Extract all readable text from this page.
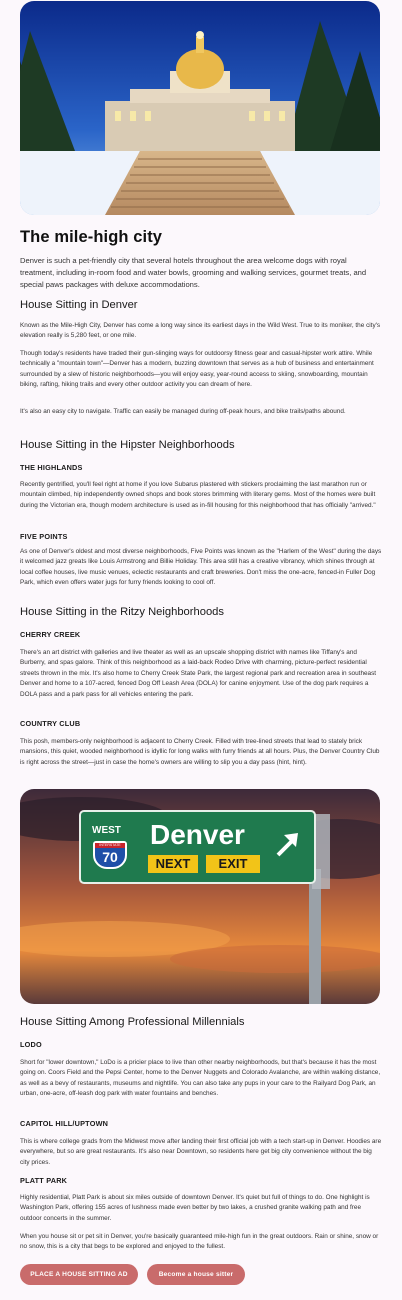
The mile-high city
Denver is such a pet-friendly city that several hotels throughout the area welcome dogs with royal treatment, including in-room food and water bowls, grooming and walking services, gourmet treats, and special paws packages with deluxe accommodations.
House Sitting in Denver
Known as the Mile-High City, Denver has come a long way since its earliest days in the Wild West. True to its moniker, the city's elevation really is 5,280 feet, or one mile.
Though today's residents have traded their gun-slinging ways for outdoorsy fitness gear and casual-hipster work attire. While technically a "mountain town"—Denver has a modern, buzzing downtown that serves as a hub of business and entertainment surrounded by a slew of historic neighborhoods—you will enjoy easy, year-round access to skiing, snowboarding, mountain biking, rafting, hiking trails and every other outdoor activity you can dream of here.
It's also an easy city to navigate. Traffic can easily be managed during off-peak hours, and bike trails/paths abound.
House Sitting in the Hipster Neighborhoods
THE HIGHLANDS
Recently gentrified, you'll feel right at home if you love Subarus plastered with stickers proclaiming the last marathon run or mountain climbed, hip independently owned shops and book stores brimming with literary gems. Most of the homes were built during the Victorian era, though modern architecture is used as in-fill housing for this neighborhood that has officially "arrived."
FIVE POINTS
As one of Denver's oldest and most diverse neighborhoods, Five Points was known as the "Harlem of the West" during the days it welcomed jazz greats like Louis Armstrong and Billie Holiday. This area still has a creative vibrancy, which shines through at local coffee houses, live music venues, eclectic restaurants and craft breweries. Don't miss the one-acre, fenced-in Fuller Dog Park, which even offers water jugs for furry friends looking to cool off.
House Sitting in the Ritzy Neighborhoods
CHERRY CREEK
There's an art district with galleries and live theater as well as an upscale shopping district with names like Tiffany's and Burberry, and spas galore. Think of this neighborhood as a laid-back Rodeo Drive with charming, picture-perfect residential streets thrown in the mix. It's also home to Cherry Creek State Park, the largest regional park and recreation area in southeast Denver and home to a 107-acred, fenced Dog Off Leash Area (DOLA) for canine enjoyment. Use of the dog park requires a DOLA pass and a park pass for all vehicles entering the park.
COUNTRY CLUB
This posh, members-only neighborhood is adjacent to Cherry Creek. Filled with tree-lined streets that lead to stately brick mansions, this quiet, wooded neighborhood is idyllic for long walks with furry friends at all hours. Plus, the Denver Country Club is right across the street—just in case the home's owners are willing to slip you a day pass (hint, hint).
WEST
INTERSTATE
70
Denver
NEXT	EXIT
House Sitting Among Professional Millennials
LODO
Short for "lower downtown," LoDo is a pricier place to live than other nearby neighborhoods, but that's because it has the most going on. Coors Field and the Pepsi Center, home to the Denver Nuggets and Colorado Avalanche, are within walking distance, as well as a bevy of restaurants, museums and nightlife. You can also take any pups in your care to the Railyard Dog Park, an urban, one-acre, off-leash dog park with water fountains and benches.
CAPITOL HILL/UPTOWN
This is where college grads from the Midwest move after landing their first official job with a tech start-up in Denver. Hoodies are everywhere, but so are great restaurants. It's also near Downtown, so residents here get big city convenience without the big city prices.
PLATT PARK
Highly residential, Platt Park is about six miles outside of downtown Denver. It's quiet but full of things to do. One highlight is Washington Park, offering 155 acres of lushness made even better by two lakes, a crushed granite walking path and free outdoor concerts in the summer.
When you house sit or pet sit in Denver, you're basically guaranteed mile-high fun in the great outdoors. Rain or shine, snow or no snow, this is a city that begs to be explored and enjoyed to the fullest.
PLACE A HOUSE SITTING AD	Become a house sitter
